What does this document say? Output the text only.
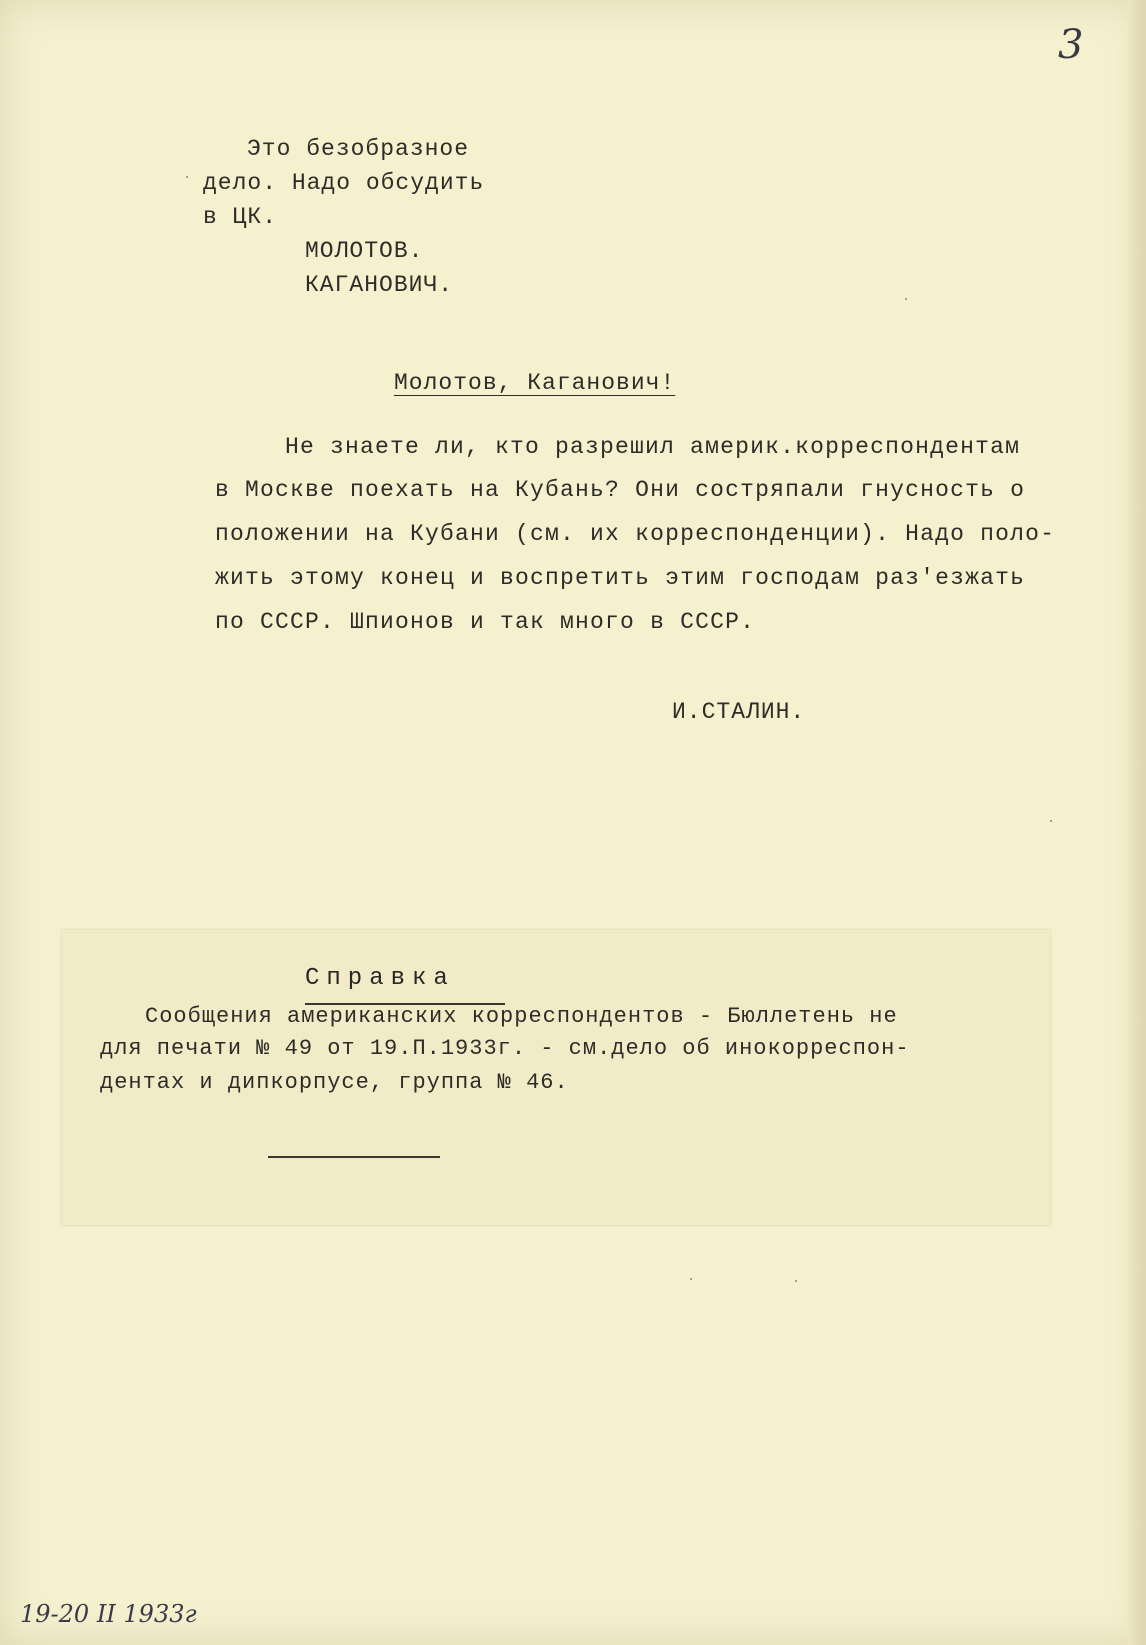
3
Это безобразное
дело. Надо обсудить
в ЦК.
МОЛОТОВ.
КАГАНОВИЧ.
Молотов, Каганович!
Не знаете ли, кто разрешил америк.корреспондентам
в Москве поехать на Кубань? Они состряпали гнусность о
положении на Кубани (см. их корреспонденции). Надо поло-
жить этому конец и воспретить этим господам раз'езжать
по СССР. Шпионов и так много в СССР.
И.СТАЛИН.
Справка
Сообщения американских корреспондентов - Бюллетень не
для печати № 49 от 19.П.1933г. - см.дело об инокорреспон-
дентах и дипкорпусе, группа № 46.
19-20 II 1933г
